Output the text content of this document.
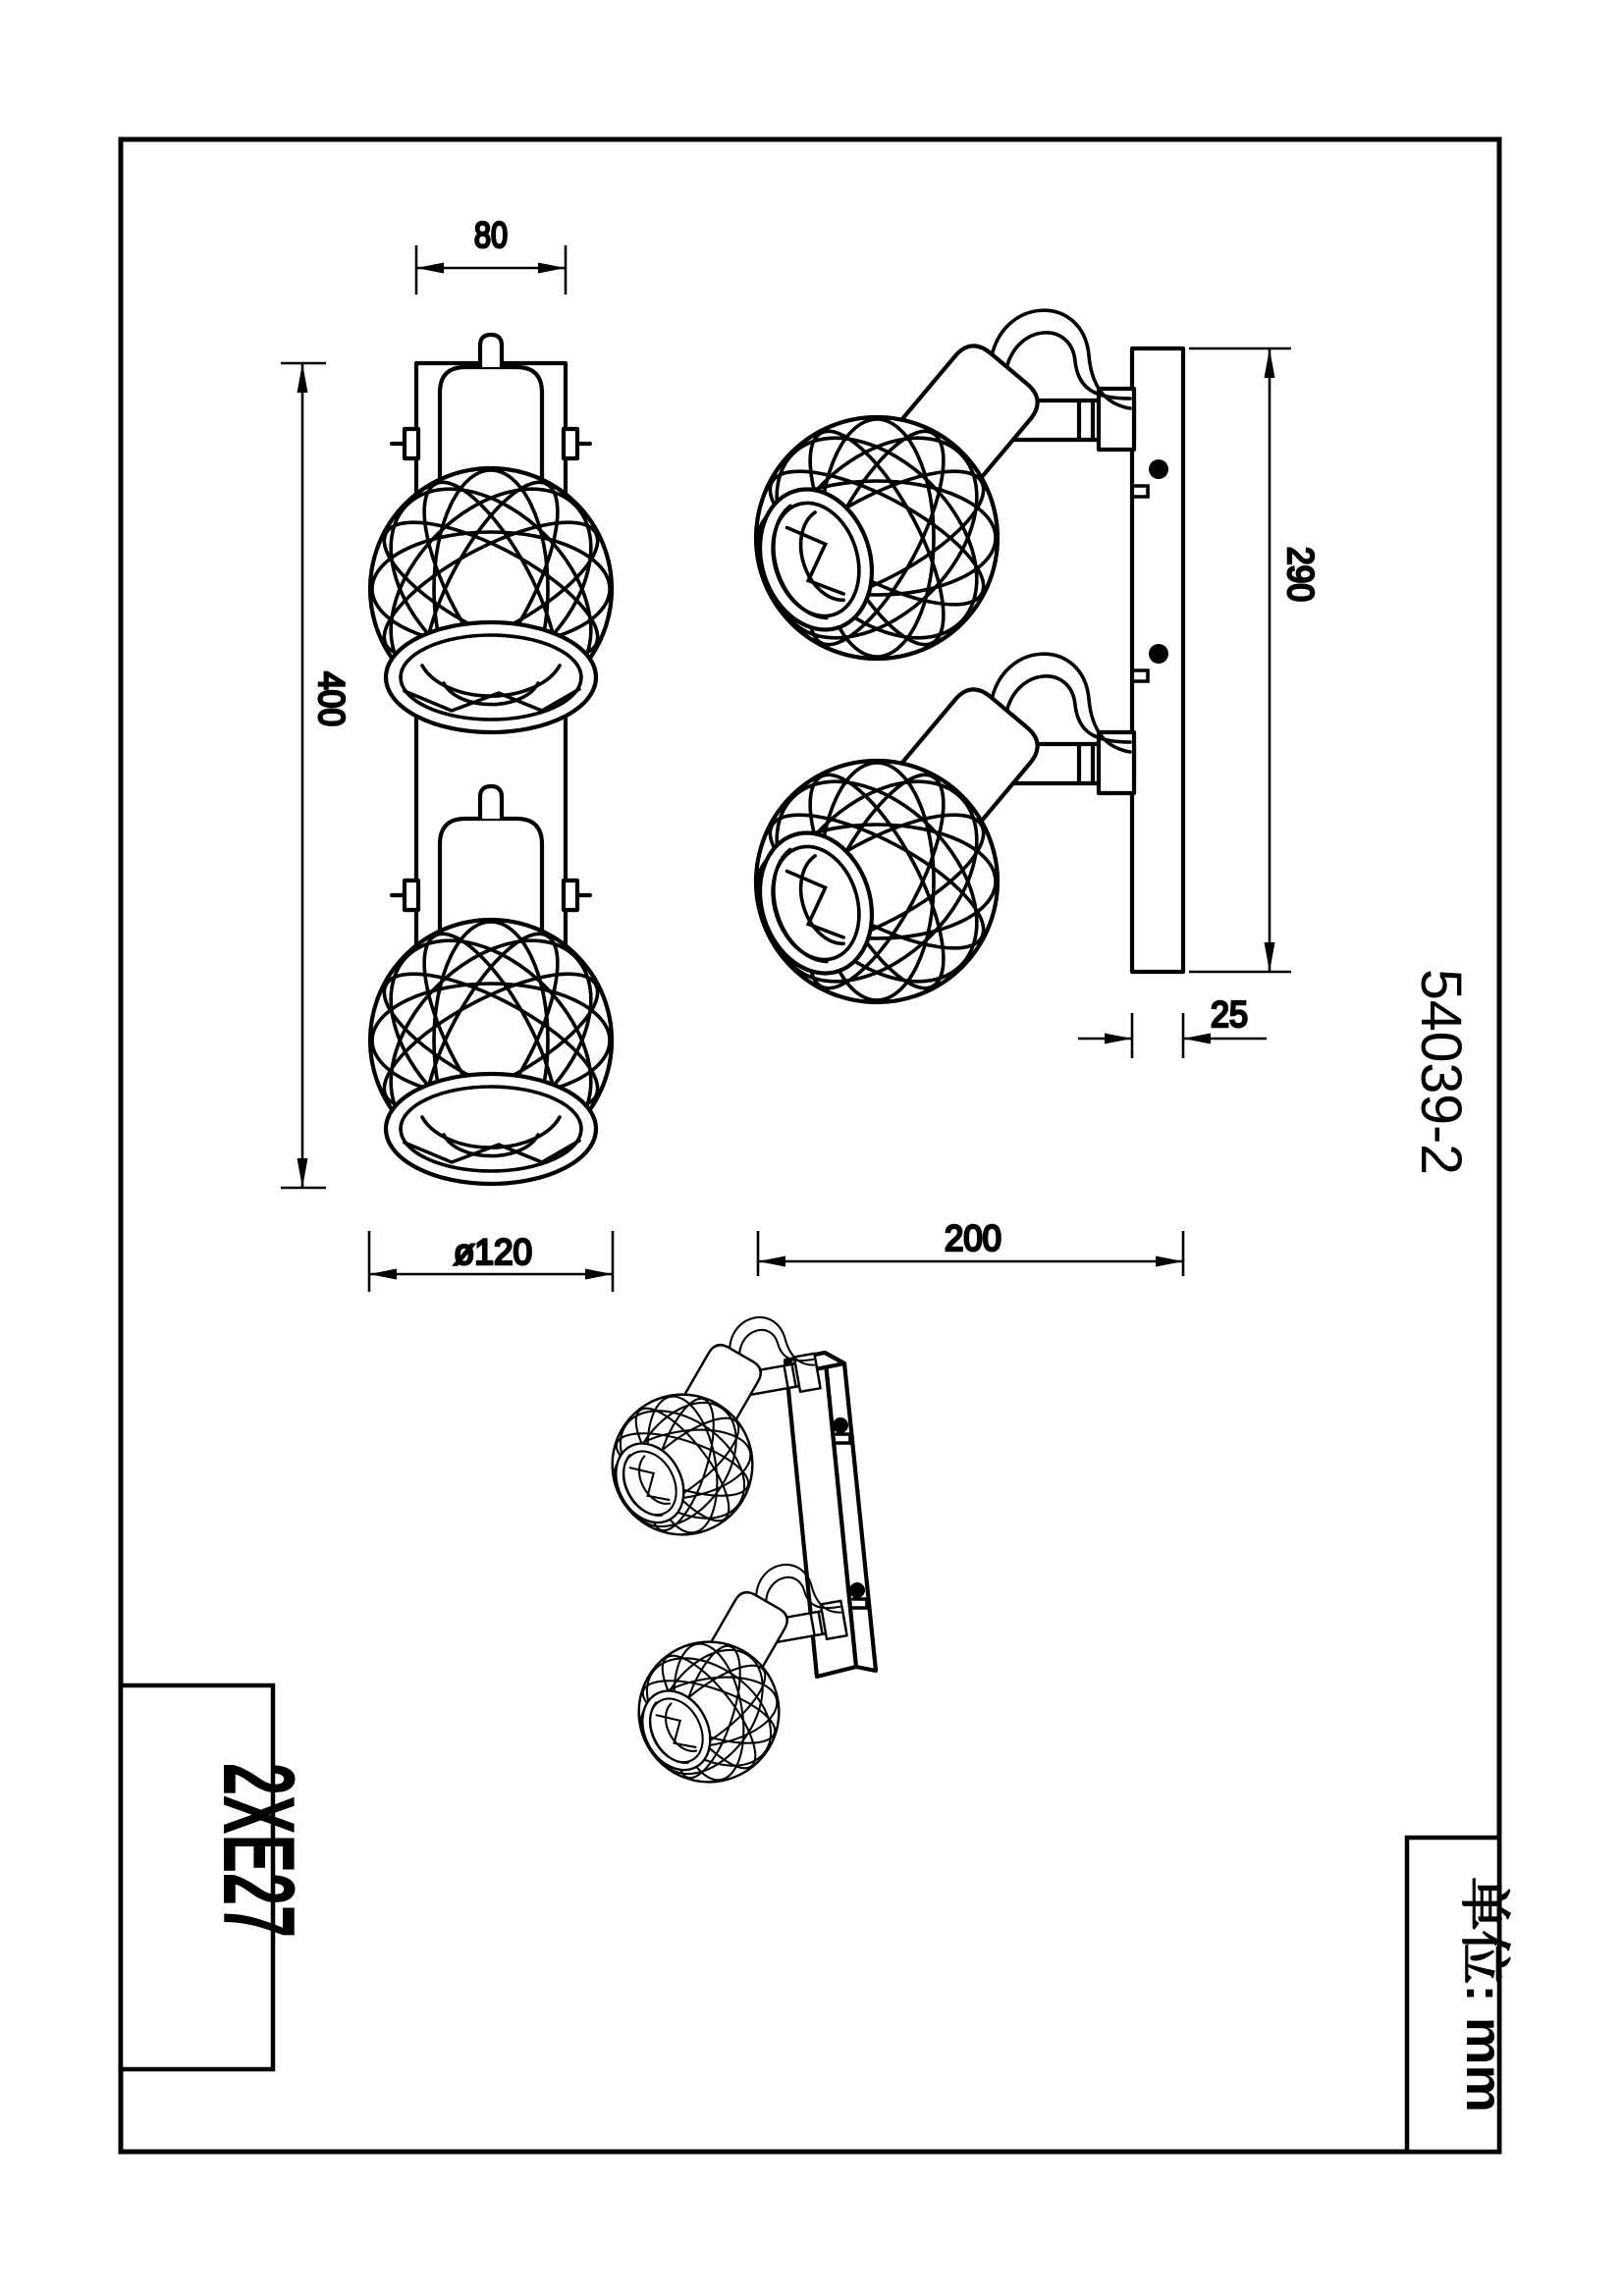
80
400
ø120
290
25
200
54039-2
2XE27	单位: mm
